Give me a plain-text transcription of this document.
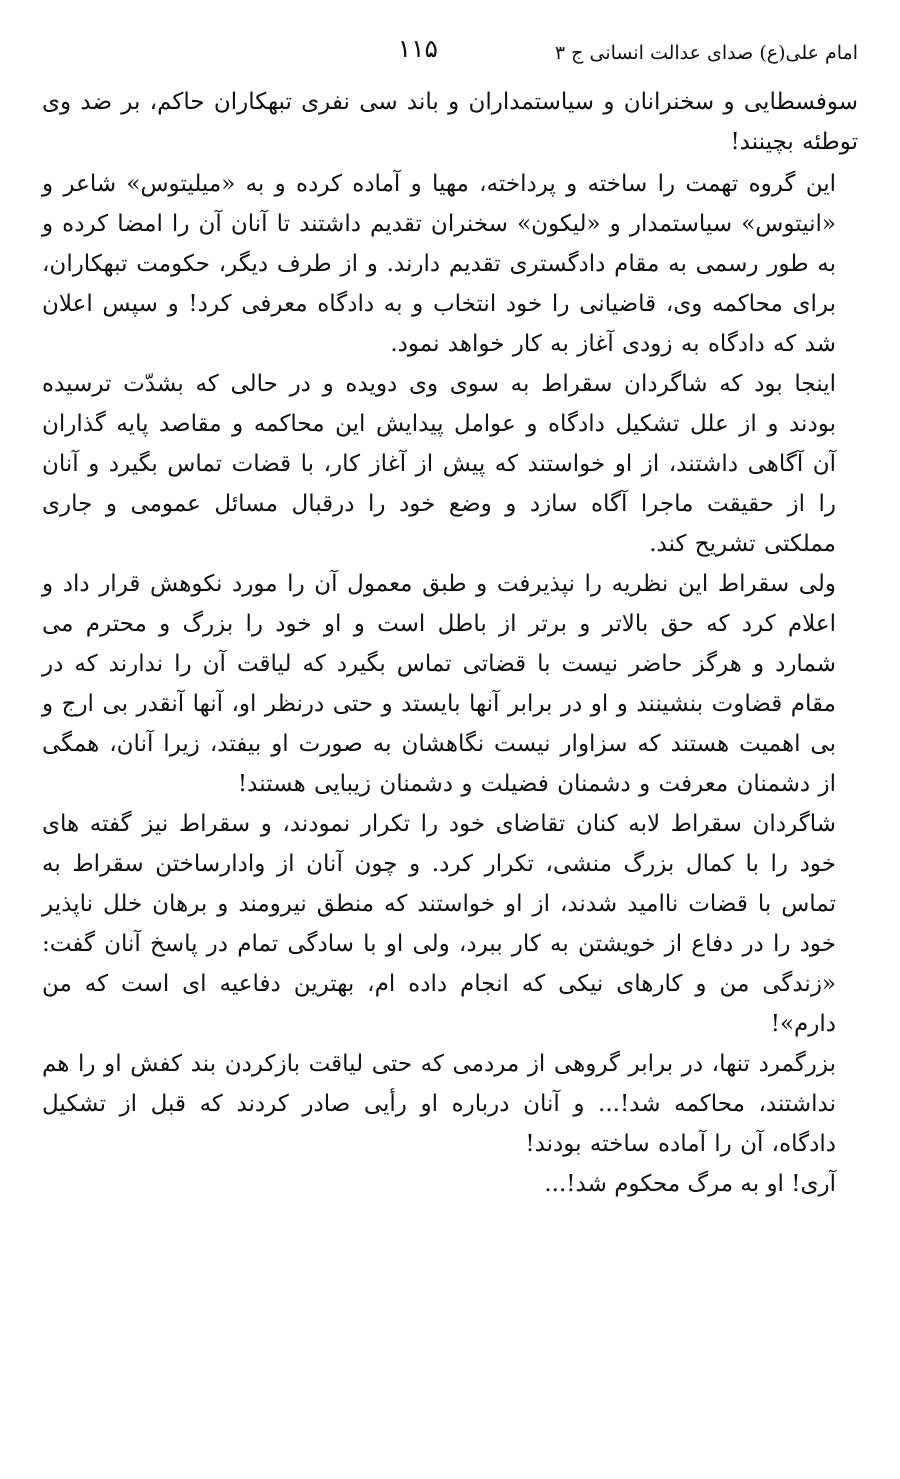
امام علی(ع) صدای عدالت انسانی ج ۳
۱۱۵

سوفسطایی و سخنرانان و سیاستمداران و باند سی نفری تبهکاران حاکم، بر ضد وی توطئه بچینند!

این گروه تهمت را ساخته و پرداخته، مهیا و آماده کرده و به «میلیتوس» شاعر و «انیتوس» سیاستمدار و «لیکون» سخنران تقدیم داشتند تا آنان آن را امضا کرده و به طور رسمی به مقام دادگستری تقدیم دارند. و از طرف دیگر، حکومت تبهکاران، برای محاکمه وی، قاضیانی را خود انتخاب و به دادگاه معرفی کرد! و سپس اعلان شد که دادگاه به زودی آغاز به کار خواهد نمود.

اینجا بود که شاگردان سقراط به سوی وی دویده و در حالی که بشدّت ترسیده بودند و از علل تشکیل دادگاه و عوامل پیدایش این محاکمه و مقاصد پایه گذاران آن آگاهی داشتند، از او خواستند که پیش از آغاز کار، با قضات تماس بگیرد و آنان را از حقیقت ماجرا آگاه سازد و وضع خود را درقبال مسائل عمومی و جاری مملکتی تشریح کند.

ولی سقراط این نظریه را نپذیرفت و طبق معمول آن را مورد نکوهش قرار داد و اعلام کرد که حق بالاتر و برتر از باطل است و او خود را بزرگ و محترم می شمارد و هرگز حاضر نیست با قضاتی تماس بگیرد که لیاقت آن را ندارند که در مقام قضاوت بنشینند و او در برابر آنها بایستد و حتی درنظر او، آنها آنقدر بی ارج و بی اهمیت هستند که سزاوار نیست نگاهشان به صورت او بیفتد، زیرا آنان، همگی از دشمنان معرفت و دشمنان فضیلت و دشمنان زیبایی هستند!

شاگردان سقراط لابه کنان تقاضای خود را تکرار نمودند، و سقراط نیز گفته های خود را با کمال بزرگ منشی، تکرار کرد. و چون آنان از وادارساختن سقراط به تماس با قضات ناامید شدند، از او خواستند که منطق نیرومند و برهان خلل ناپذیر خود را در دفاع از خویشتن به کار ببرد، ولی او با سادگی تمام در پاسخ آنان گفت: «زندگی من و کارهای نیکی که انجام داده ام، بهترین دفاعیه ای است که من دارم»!

بزرگمرد تنها، در برابر گروهی از مردمی که حتی لیاقت بازکردن بند کفش او را هم نداشتند، محاکمه شد!... و آنان درباره او رأیی صادر کردند که قبل از تشکیل دادگاه، آن را آماده ساخته بودند!

آری! او به مرگ محکوم شد!...
